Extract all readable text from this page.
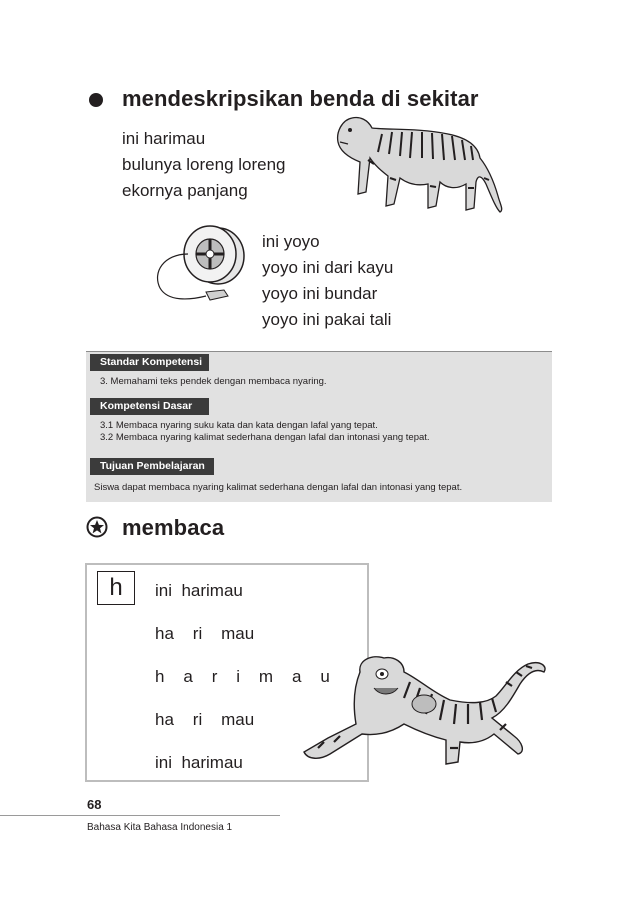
mendeskripsikan benda di sekitar
ini harimau
bulunya loreng loreng
ekornya panjang
ini yoyo
yoyo ini dari kayu
yoyo ini bundar
yoyo ini pakai tali
Standar Kompetensi
3. Memahami teks pendek dengan membaca nyaring.
Kompetensi Dasar
3.1 Membaca nyaring suku kata dan kata dengan lafal yang tepat.
3.2 Membaca nyaring kalimat sederhana dengan lafal dan intonasi yang tepat.
Tujuan Pembelajaran
Siswa dapat membaca nyaring kalimat sederhana dengan lafal dan intonasi yang tepat.
membaca
h	ini  harimau
ha    ri    mau
h    a    r    i    m    a    u
ha    ri    mau
ini  harimau
68
Bahasa Kita Bahasa Indonesia 1
